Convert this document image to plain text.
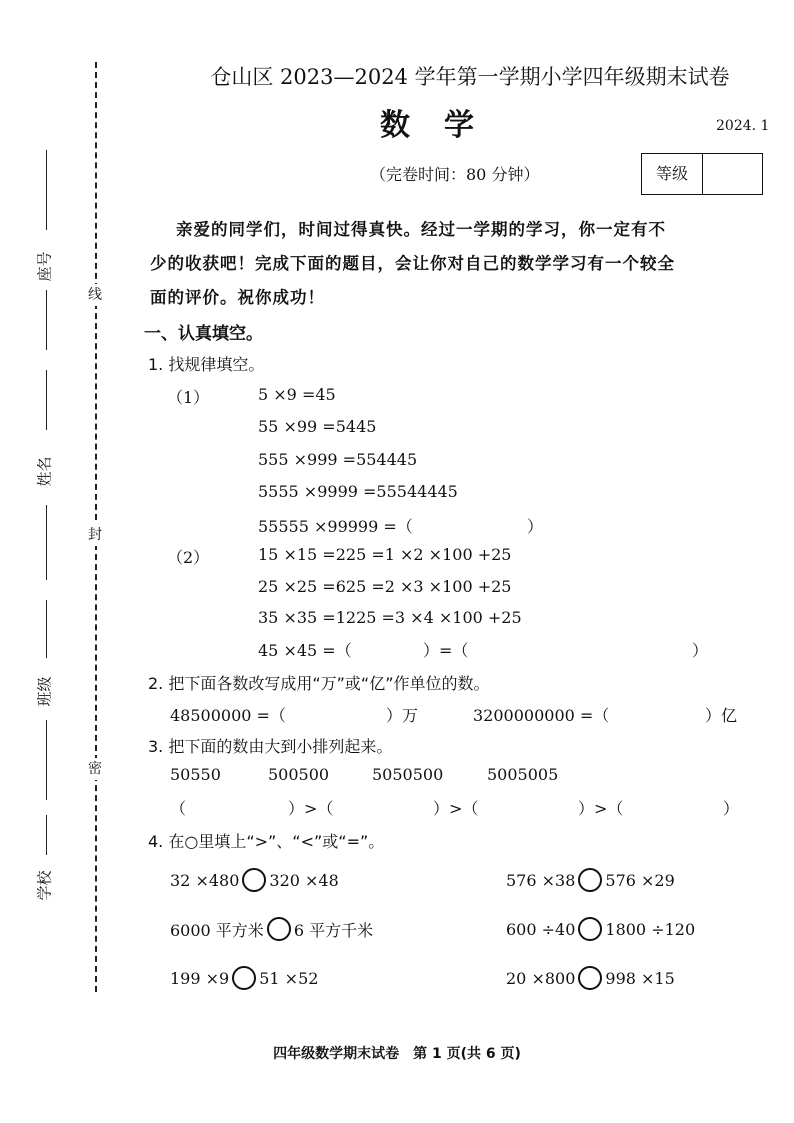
线
封
密
座号
姓名
班级
学校
仓山区 2023—2024 学年第一学期小学四年级期末试卷
数学	2024. 1
（完卷时间：80 分钟）	等级
亲爱的同学们，时间过得真快。经过一学期的学习，你一定有不
少的收获吧！完成下面的题目，会让你对自己的数学学习有一个较全
面的评价。祝你成功！
一、认真填空。
1. 找规律填空。
（1）	5 ×9 =45
55 ×99 =5445
555 ×999 =554445
5555 ×9999 =55544445
55555 ×99999 =（	）
（2）	15 ×15 =225 =1 ×2 ×100 +25
25 ×25 =625 =2 ×3 ×100 +25
35 ×35 =1225 =3 ×4 ×100 +25
45 ×45 =（	）=（	）
2. 把下面各数改写成用“万”或“亿”作单位的数。
48500000 =（	）万	3200000000 =（	）亿
3. 把下面的数由大到小排列起来。
50550	500500	5050500	5005005
（	）>（	）>（	）>（	）
4. 在○里填上“>”、“<”或“=”。
32 ×480 320 ×48	576 ×38 576 ×29
6000 平方米 6 平方千米	600 ÷40 1800 ÷120
199 ×9 51 ×52	20 ×800 998 ×15
四年级数学期末试卷　第 1 页(共 6 页)
